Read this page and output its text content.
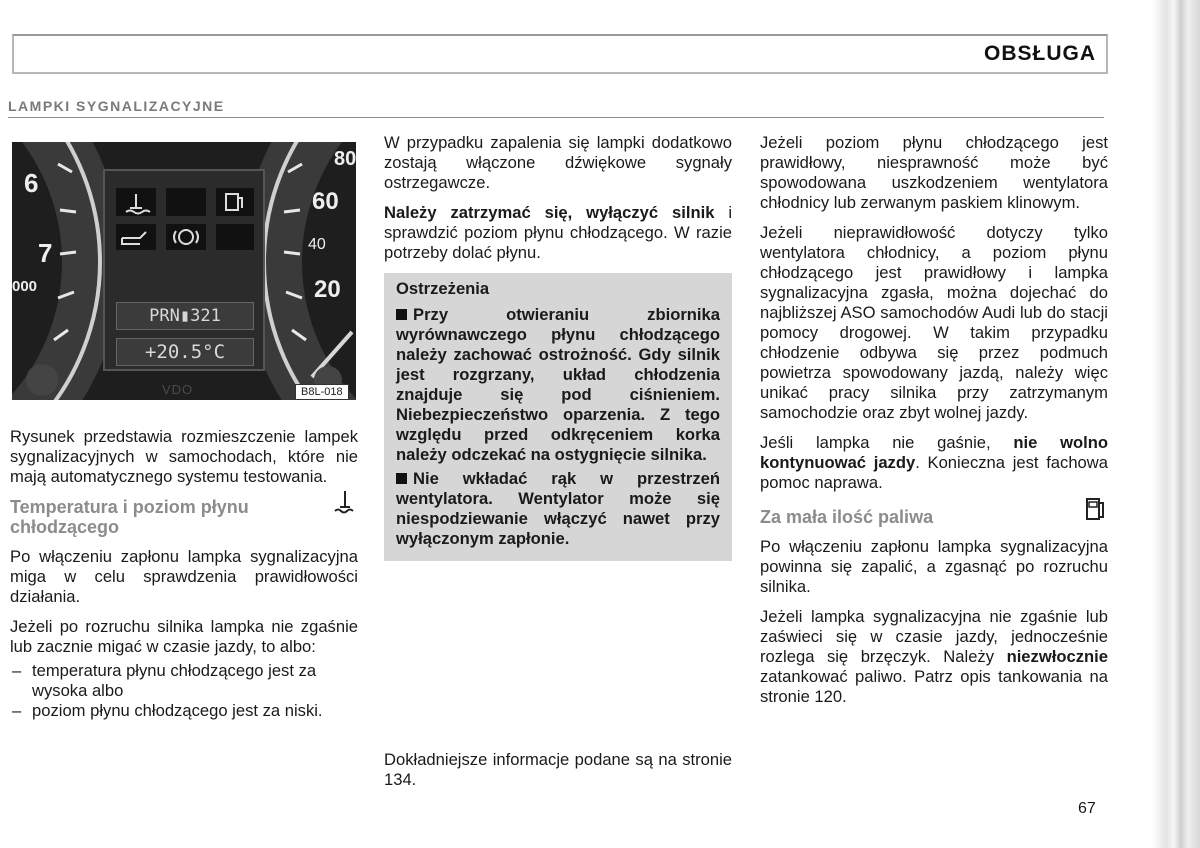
OBSŁUGA
LAMPKI SYGNALIZACYJNE
PRN▮321
+20.5°C
80
60
40
20
6
7
000
VDO	B8L-018

Rysunek przedstawia rozmieszczenie lampek sygnalizacyjnych w samochodach, które nie mają automatycznego systemu testowania.

Temperatura i poziom płynu chłodzącego

Po włączeniu zapłonu lampka sygnalizacyjna miga w celu sprawdzenia prawidłowości działania.

Jeżeli po rozruchu silnika lampka nie zgaśnie lub zacznie migać w czasie jazdy, to albo:

– temperatura płynu chłodzącego jest za wysoka albo
– poziom płynu chłodzącego jest za niski.

W przypadku zapalenia się lampki dodatkowo zostają włączone dźwiękowe sygnały ostrzegawcze.

Należy zatrzymać się, wyłączyć silnik i sprawdzić poziom płynu chłodzącego. W razie potrzeby dolać płynu.

Ostrzeżenia

Przy otwieraniu zbiornika wyrównawczego płynu chłodzącego należy zachować ostrożność. Gdy silnik jest rozgrzany, układ chłodzenia znajduje się pod ciśnieniem. Niebezpieczeństwo oparzenia. Z tego względu przed odkręceniem korka należy odczekać na ostygnięcie silnika.

Nie wkładać rąk w przestrzeń wentylatora. Wentylator może się niespodziewanie włączyć nawet przy wyłączonym zapłonie.

Dokładniejsze informacje podane są na stronie 134.

Jeżeli poziom płynu chłodzącego jest prawidłowy, niesprawność może być spowodowana uszkodzeniem wentylatora chłodnicy lub zerwanym paskiem klinowym.

Jeżeli nieprawidłowość dotyczy tylko wentylatora chłodnicy, a poziom płynu chłodzącego jest prawidłowy i lampka sygnalizacyjna zgasła, można dojechać do najbliższej ASO samochodów Audi lub do stacji pomocy drogowej. W takim przypadku chłodzenie odbywa się przez podmuch powietrza spowodowany jazdą, należy więc unikać pracy silnika przy zatrzymanym samochodzie oraz zbyt wolnej jazdy.

Jeśli lampka nie gaśnie, nie wolno kontynuować jazdy. Konieczna jest fachowa pomoc naprawa.

Za mała ilość paliwa

Po włączeniu zapłonu lampka sygnalizacyjna powinna się zapalić, a zgasnąć po rozruchu silnika.

Jeżeli lampka sygnalizacyjna nie zgaśnie lub zaświeci się w czasie jazdy, jednocześnie rozlega się brzęczyk. Należy niezwłocznie zatankować paliwo. Patrz opis tankowania na stronie 120.

67
